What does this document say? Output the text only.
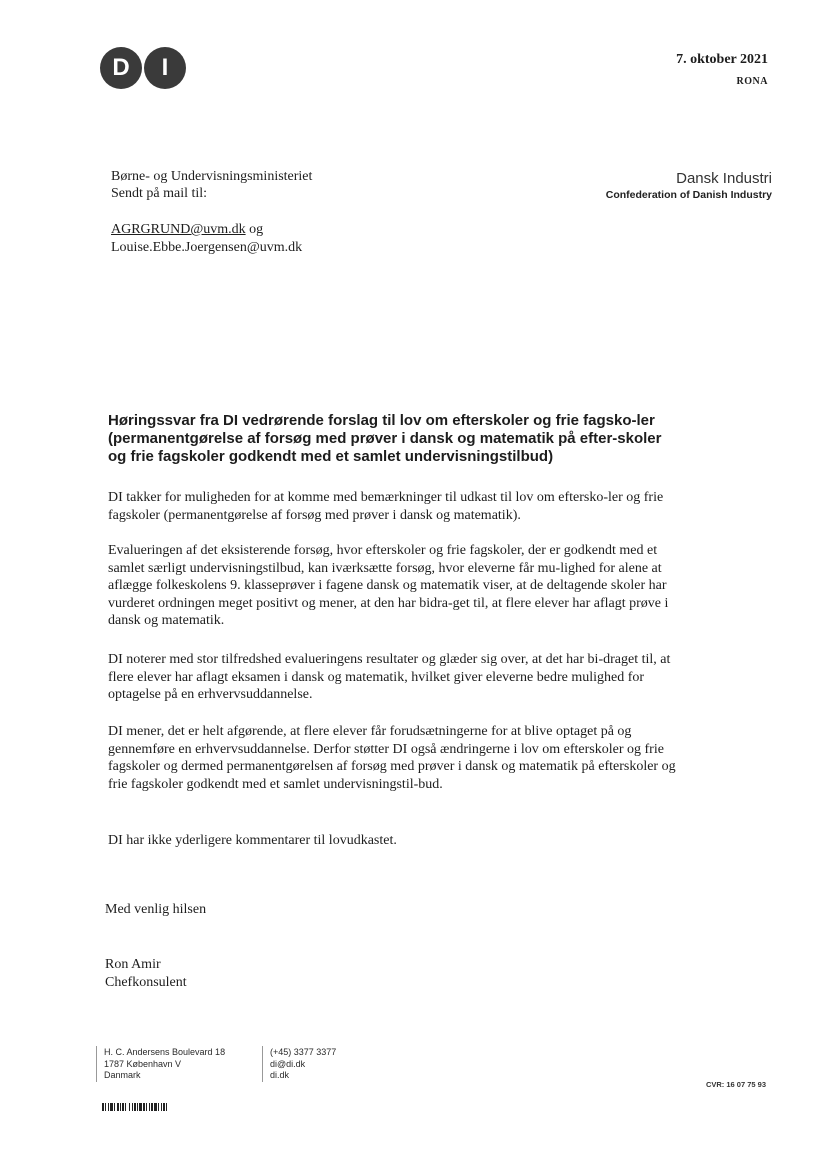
D	I	7. oktober 2021
RONA
Børne- og Undervisningsministeriet
Sendt på mail til:
AGRGRUND@uvm.dk og
Louise.Ebbe.Joergensen@uvm.dk
Dansk Industri
Confederation of Danish Industry
Høringssvar fra DI vedrørende forslag til lov om efterskoler og frie fagsko-ler (permanentgørelse af forsøg med prøver i dansk og matematik på efter-skoler og frie fagskoler godkendt med et samlet undervisningstilbud)
DI takker for muligheden for at komme med bemærkninger til udkast til lov om eftersko-ler og frie fagskoler (permanentgørelse af forsøg med prøver i dansk og matematik).
Evalueringen af det eksisterende forsøg, hvor efterskoler og frie fagskoler, der er godkendt med et samlet særligt undervisningstilbud, kan iværksætte forsøg, hvor eleverne får mu-lighed for alene at aflægge folkeskolens 9. klasseprøver i fagene dansk og matematik viser, at de deltagende skoler har vurderet ordningen meget positivt og mener, at den har bidra-get til, at flere elever har aflagt prøve i dansk og matematik.
DI noterer med stor tilfredshed evalueringens resultater og glæder sig over, at det har bi-draget til, at flere elever har aflagt eksamen i dansk og matematik, hvilket giver eleverne bedre mulighed for optagelse på en erhvervsuddannelse.
DI mener, det er helt afgørende, at flere elever får forudsætningerne for at blive optaget på og gennemføre en erhvervsuddannelse. Derfor støtter DI også ændringerne i lov om efterskoler og frie fagskoler og dermed permanentgørelsen af forsøg med prøver i dansk og matematik på efterskoler og frie fagskoler godkendt med et samlet undervisningstil-bud.
DI har ikke yderligere kommentarer til lovudkastet.
Med venlig hilsen
Ron Amir
Chefkonsulent
H. C. Andersens Boulevard 18
1787 København V
Danmark
(+45) 3377 3377
di@di.dk
di.dk
CVR: 16 07 75 93
